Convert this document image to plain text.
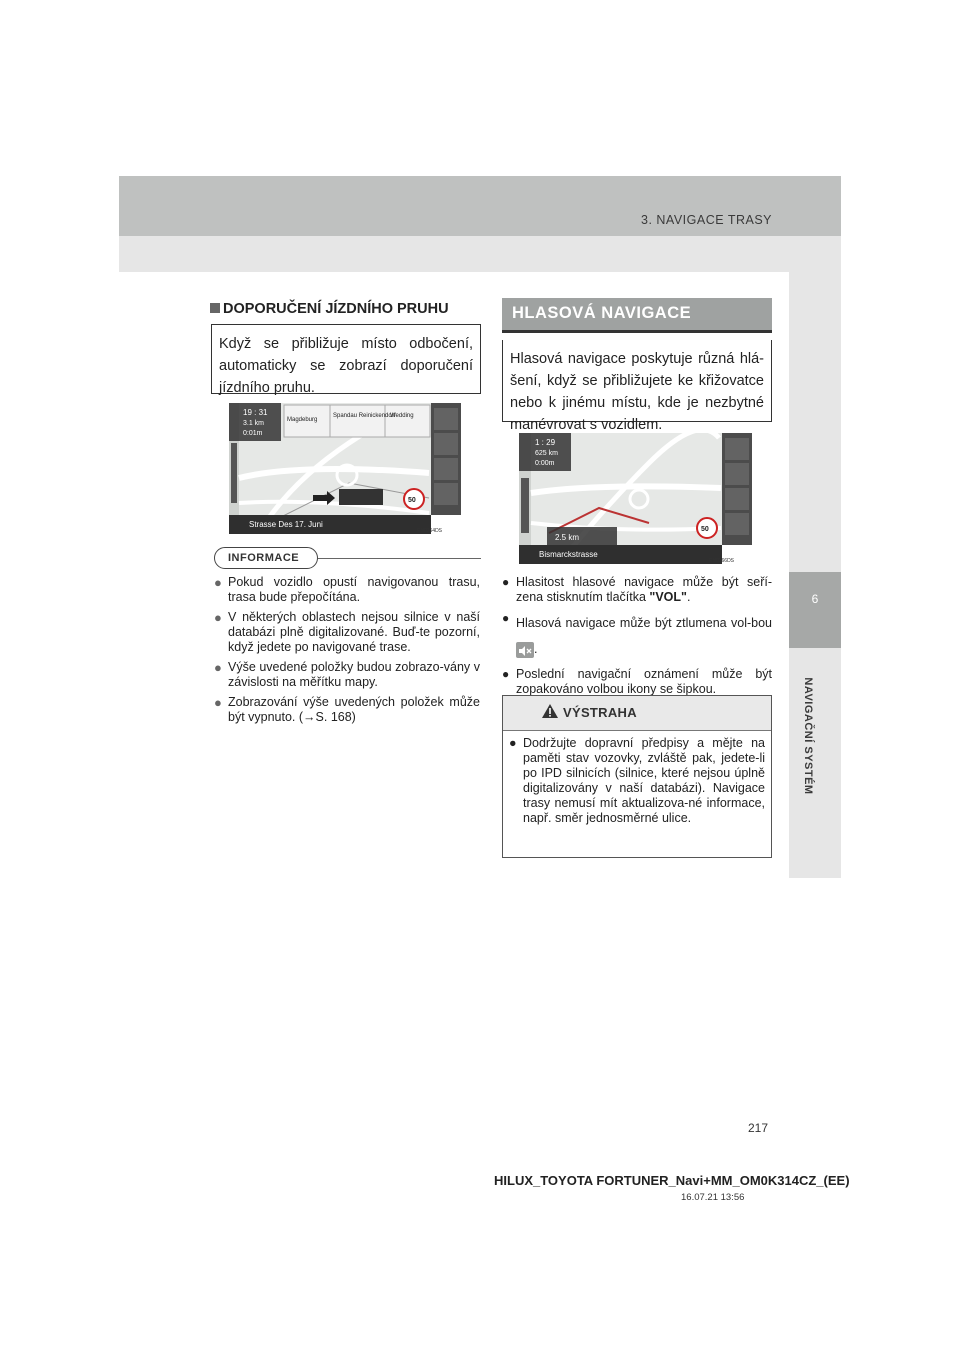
3. NAVIGACE TRASY
6
NAVIGAČNÍ SYSTÉM
DOPORUČENÍ JÍZDNÍHO PRUHU
Když se přibližuje místo odbočení, automaticky se zobrazí doporučení jízdního pruhu.
19 : 31
3.1 km
0:01m
Magdeburg
Spandau Reinickendorf
Wedding
Strasse Des 17. Juni
50
EN0264DS
INFORMACE
● Pokud vozidlo opustí navigovanou trasu, trasa bude přepočítána.
● V některých oblastech nejsou silnice v naší databázi plně digitalizované. Buď-te pozorní, když jedete po navigované trase.
● Výše uvedené položky budou zobrazo-vány v závislosti na měřítku mapy.
● Zobrazování výše uvedených položek může být vypnuto. (→S. 168)
HLASOVÁ NAVIGACE
Hlasová navigace poskytuje různá hlá-šení, když se přibližujete ke křižovatce nebo k jinému místu, kde je nezbytné manévrovat s vozidlem.
1 : 29
625 km
0:00m
2.5 km
Bismarckstrasse
50
EN0266DS
● Hlasitost hlasové navigace může být seří-zena stisknutím tlačítka "VOL".
● Hlasová navigace může být ztlumena vol-bou .
● Poslední navigační oznámení může být zopakováno volbou ikony se šipkou.
VÝSTRAHA
● Dodržujte dopravní předpisy a mějte na paměti stav vozovky, zvláště pak, jedete-li po IPD silnicích (silnice, které nejsou úplně digitalizovány v naší databázi). Navigace trasy nemusí mít aktualizova-né informace, např. směr jednosměrné ulice.
217
HILUX_TOYOTA FORTUNER_Navi+MM_OM0K314CZ_(EE)
16.07.21 13:56
